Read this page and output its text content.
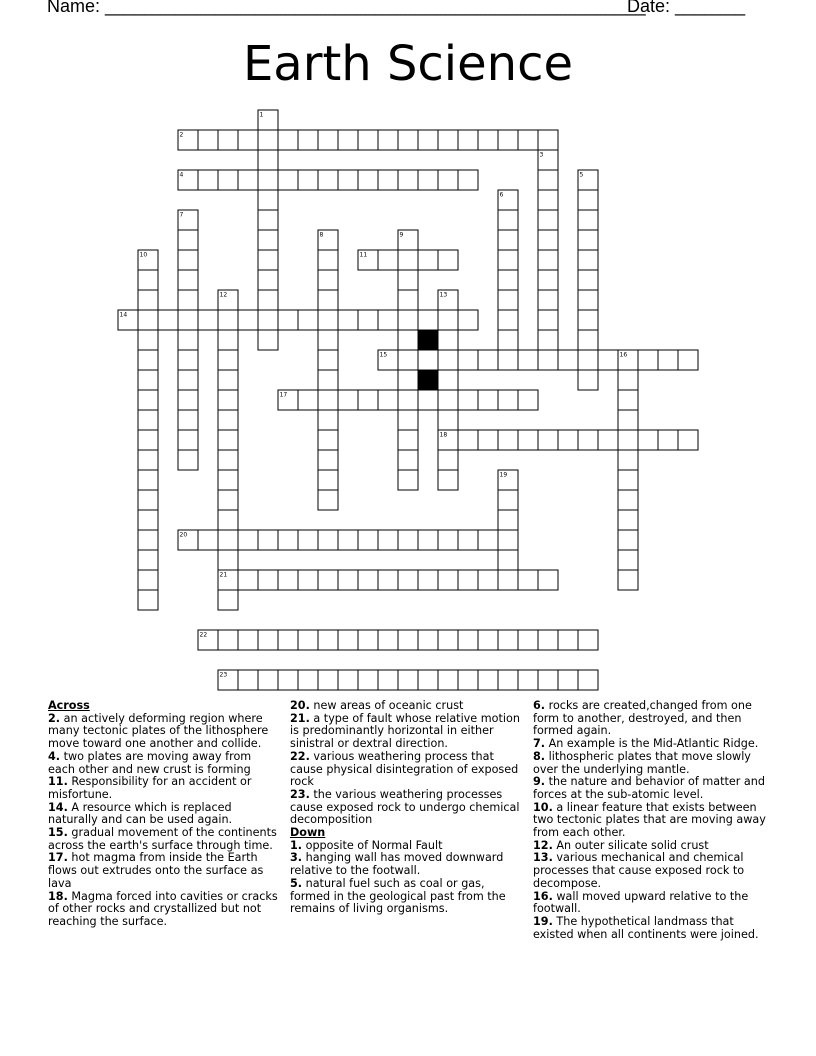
Name: ______________________________________________________
Date: _______
Earth Science
1
2
3
4	5
6
7
8	9
10	11
12	13
14
15	16
17
18
19
20
21
22
23
Across
2. an actively deforming region where many tectonic plates of the lithosphere move toward one another and collide.
4. two plates are moving away from each other and new crust is forming
11. Responsibility for an accident or misfortune.
14. A resource which is replaced naturally and can be used again.
15. gradual movement of the continents across the earth's surface through time.
17. hot magma from inside the Earth flows out extrudes onto the surface as lava
18. Magma forced into cavities or cracks of other rocks and crystallized but not reaching the surface.
20. new areas of oceanic crust
21. a type of fault whose relative motion is predominantly horizontal in either sinistral or dextral direction.
22. various weathering process that cause physical disintegration of exposed rock
23. the various weathering processes cause exposed rock to undergo chemical decomposition
Down
1. opposite of Normal Fault
3. hanging wall has moved downward relative to the footwall.
5. natural fuel such as coal or gas, formed in the geological past from the remains of living organisms.
6. rocks are created,changed from one form to another, destroyed, and then formed again.
7. An example is the Mid-Atlantic Ridge.
8. lithospheric plates that move slowly over the underlying mantle.
9. the nature and behavior of matter and forces at the sub-atomic level.
10. a linear feature that exists between two tectonic plates that are moving away from each other.
12. An outer silicate solid crust
13. various mechanical and chemical processes that cause exposed rock to decompose.
16. wall moved upward relative to the footwall.
19. The hypothetical landmass that existed when all continents were joined.
